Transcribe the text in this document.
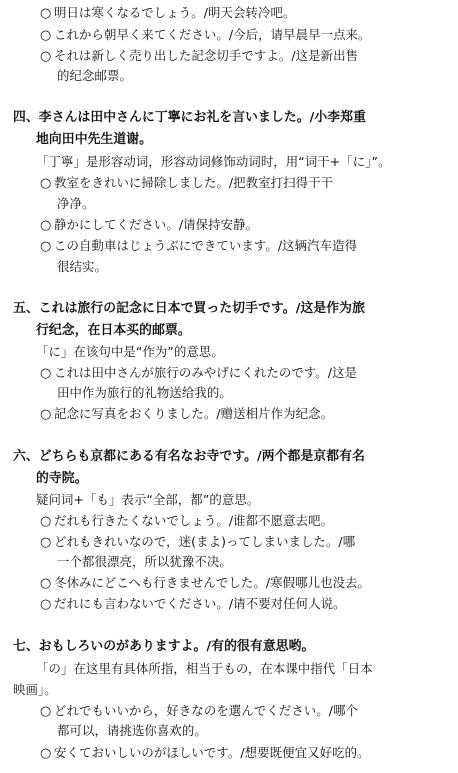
○ 明日は寒くなるでしょう。/明天会转冷吧。
○ これから朝早く来てください。/今后，请早晨早一点来。
○ それは新しく売り出した記念切手ですよ。/这是新出售
的纪念邮票。
四、李さんは田中さんに丁寧にお礼を言いました。/小李郑重
地向田中先生道谢。
「丁寧」是形容动词，形容动词修饰动词时，用“词干+「に」”。
○ 教室をきれいに掃除しました。/把教室打扫得干干
净净。
○ 静かにしてください。/请保持安静。
○ この自動車はじょうぶにできています。/这辆汽车造得
很结实。
五、これは旅行の記念に日本で買った切手です。/这是作为旅
行纪念，在日本买的邮票。
「に」在该句中是“作为”的意思。
○ これは田中さんが旅行のみやげにくれたのです。/这是
田中作为旅行的礼物送给我的。
○ 記念に写真をおくりました。/赠送相片作为纪念。
六、どちらも京都にある有名なお寺です。/两个都是京都有名
的寺院。
疑问词+「も」表示“全部，都”的意思。
○ だれも行きたくないでしょう。/谁都不愿意去吧。
○ どれもきれいなので，迷(まよ)ってしまいました。/哪
一个都很漂亮，所以犹豫不决。
○ 冬休みにどこへも行きませんでした。/寒假哪儿也没去。
○ だれにも言わないでください。/请不要对任何人说。
七、おもしろいのがありますよ。/有的很有意思哟。
「の」在这里有具体所指，相当于もの，在本课中指代「日本
映画」。
○ どれでもいいから，好きなのを選んでください。/哪个
都可以，请挑选你喜欢的。
○ 安くておいしいのがほしいです。/想要既便宜又好吃的。
